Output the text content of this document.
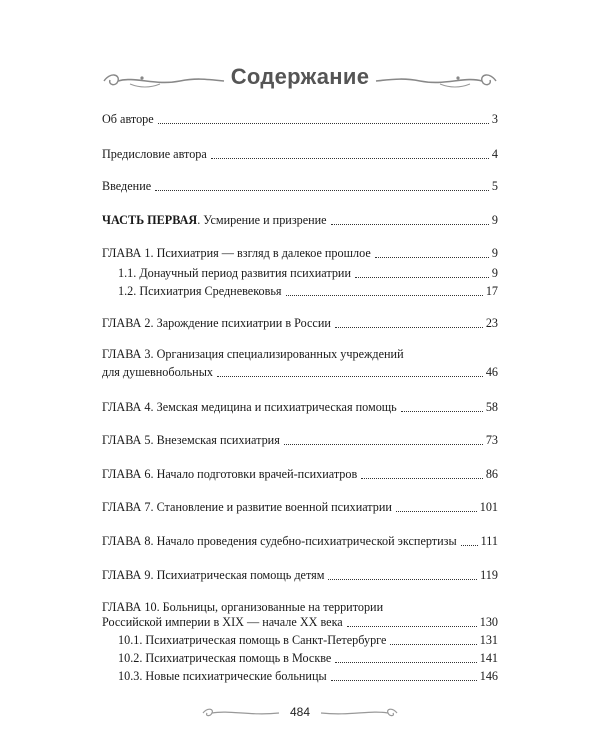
Содержание
Об авторе	3
Предисловие автора	4
Введение	5
ЧАСТЬ ПЕРВАЯ. Усмирение и призрение	9
ГЛАВА 1. Психиатрия — взгляд в далекое прошлое	9
1.1. Донаучный период развития психиатрии	9
1.2. Психиатрия Средневековья	17
ГЛАВА 2. Зарождение психиатрии в России	23
ГЛАВА 3. Организация специализированных учреждений
для душевнобольных	46
ГЛАВА 4. Земская медицина и психиатрическая помощь	58
ГЛАВА 5. Внеземская психиатрия	73
ГЛАВА 6. Начало подготовки врачей-психиатров	86
ГЛАВА 7. Становление и развитие военной психиатрии	101
ГЛАВА 8. Начало проведения судебно-психиатрической экспертизы 111
ГЛАВА 9. Психиатрическая помощь детям	119
ГЛАВА 10. Больницы, организованные на территории
Российской империи в XIX — начале XX века	130
10.1. Психиатрическая помощь в Санкт-Петербурге	131
10.2. Психиатрическая помощь в Москве	141
10.3. Новые психиатрические больницы	146
484
